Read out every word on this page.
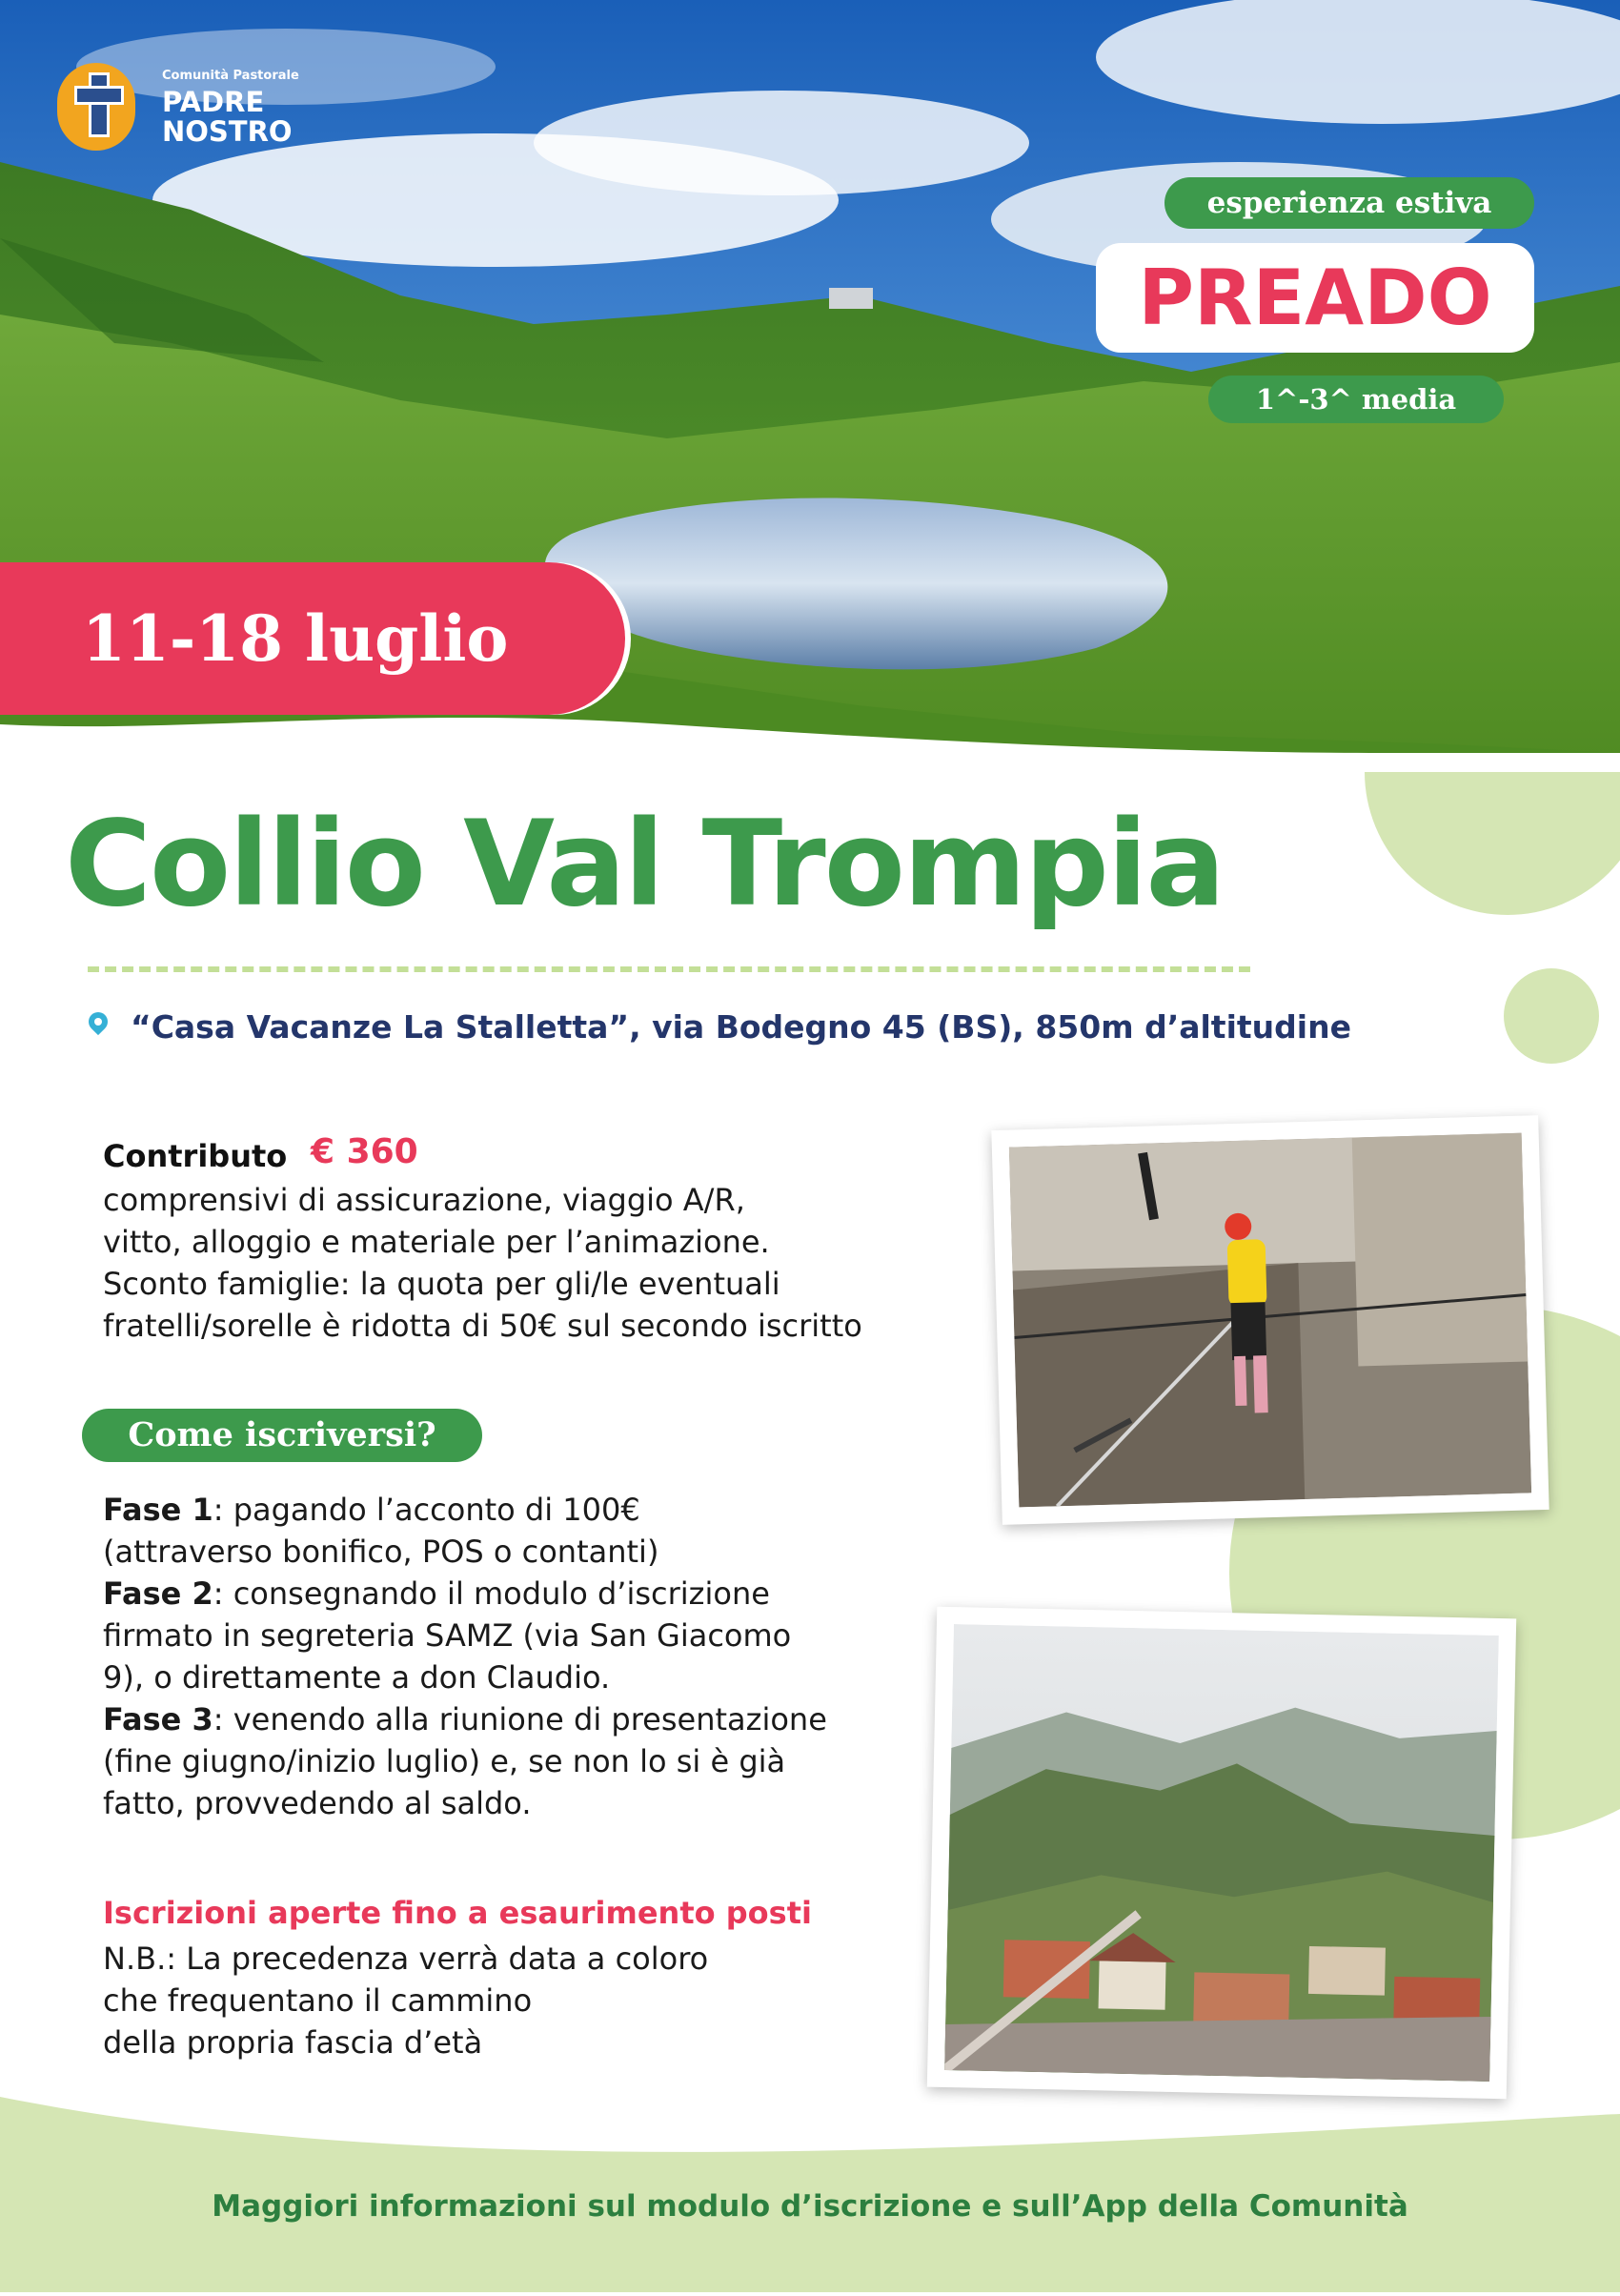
Comunità Pastorale
PADRE
NOSTRO
esperienza estiva
PREADO
1^-3^ media
11-18 luglio
Collio Val Trompia
“Casa Vacanze La Stalletta”, via Bodegno 45 (BS), 850m d’altitudine
Contributo € 360
comprensivi di assicurazione, viaggio A/R,
vitto, alloggio e materiale per l’animazione.
Sconto famiglie: la quota per gli/le eventuali
fratelli/sorelle è ridotta di 50€ sul secondo iscritto
Come iscriversi?
Fase 1: pagando l’acconto di 100€
(attraverso bonifico, POS o contanti)
Fase 2: consegnando il modulo d’iscrizione
firmato in segreteria SAMZ (via San Giacomo
9), o direttamente a don Claudio.
Fase 3: venendo alla riunione di presentazione
(fine giugno/inizio luglio) e, se non lo si è già
fatto, provvedendo al saldo.
Iscrizioni aperte fino a esaurimento posti
N.B.: La precedenza verrà data a coloro
che frequentano il cammino
della propria fascia d’età
Maggiori informazioni sul modulo d’iscrizione e sull’App della Comunità
